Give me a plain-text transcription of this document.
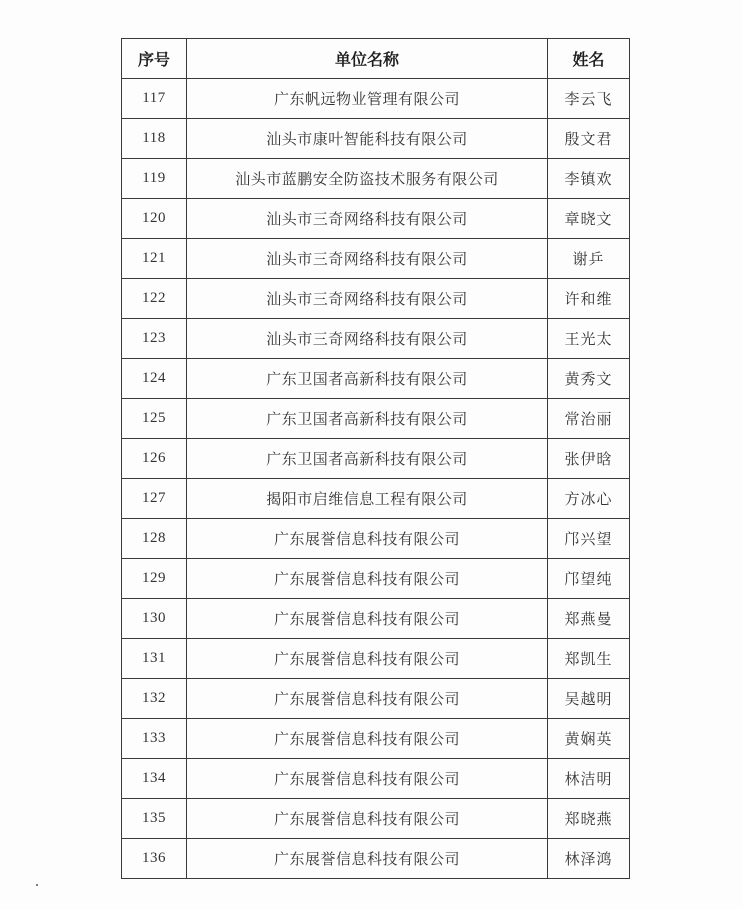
序号	单位名称	姓名
117	广东帆远物业管理有限公司	李云飞
118	汕头市康叶智能科技有限公司	殷文君
119	汕头市蓝鹏安全防盗技术服务有限公司	李镇欢
120	汕头市三奇网络科技有限公司	章晓文
121	汕头市三奇网络科技有限公司	谢乒
122	汕头市三奇网络科技有限公司	许和维
123	汕头市三奇网络科技有限公司	王光太
124	广东卫国者高新科技有限公司	黄秀文
125	广东卫国者高新科技有限公司	常治丽
126	广东卫国者高新科技有限公司	张伊晗
127	揭阳市启维信息工程有限公司	方冰心
128	广东展誉信息科技有限公司	邝兴望
129	广东展誉信息科技有限公司	邝望纯
130	广东展誉信息科技有限公司	郑燕曼
131	广东展誉信息科技有限公司	郑凯生
132	广东展誉信息科技有限公司	吴越明
133	广东展誉信息科技有限公司	黄娴英
134	广东展誉信息科技有限公司	林洁明
135	广东展誉信息科技有限公司	郑晓燕
136	广东展誉信息科技有限公司	林泽鸿
